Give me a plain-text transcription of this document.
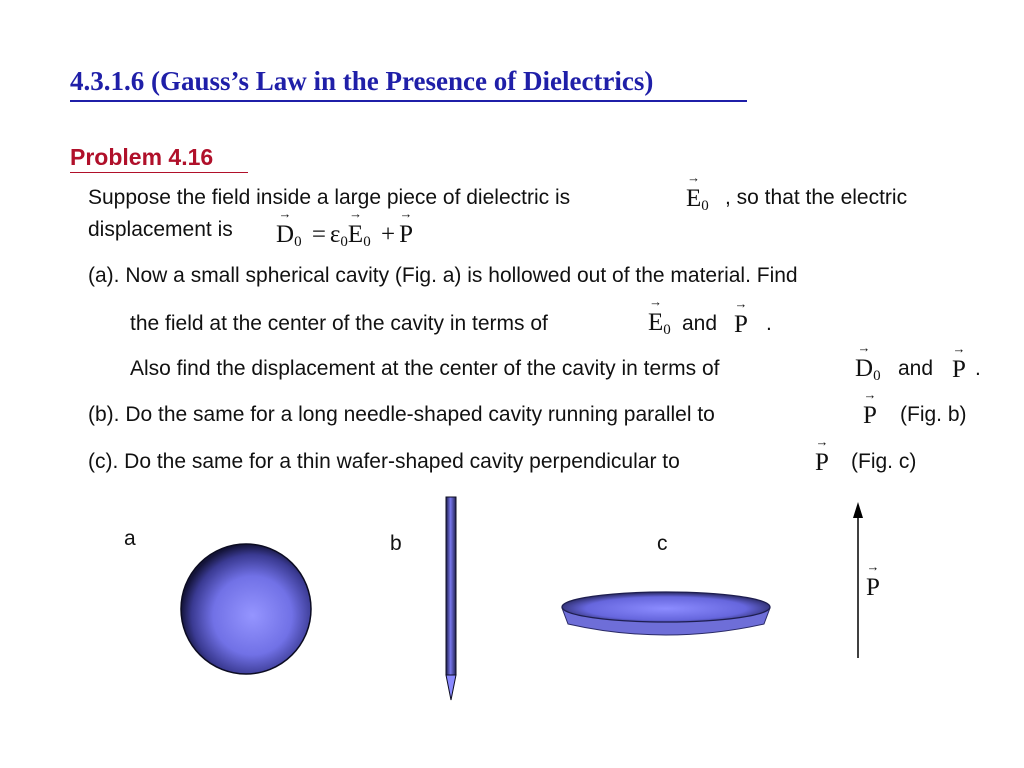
4.3.1.6 (Gauss’s Law in the Presence of Dielectrics)
Problem 4.16
Suppose the field inside a large piece of dielectric is
→	$E_0$ , so that the electric
displacement is
→ $D_0 = \varepsilon_0\to E_0 +\to P$
(a). Now a small spherical cavity (Fig. a) is hollowed out of the material. Find
the field at the center of the cavity in terms of
→	$E_0$ and
→ P .
Also find the displacement at the center of the cavity in terms of
→	$D_0$ and
→ P .
(b). Do the same for a long needle-shaped cavity running parallel to
→	P (Fig. b)
(c). Do the same for a thin wafer-shaped cavity perpendicular to
→	P (Fig. c)
a	b	c
→ P
